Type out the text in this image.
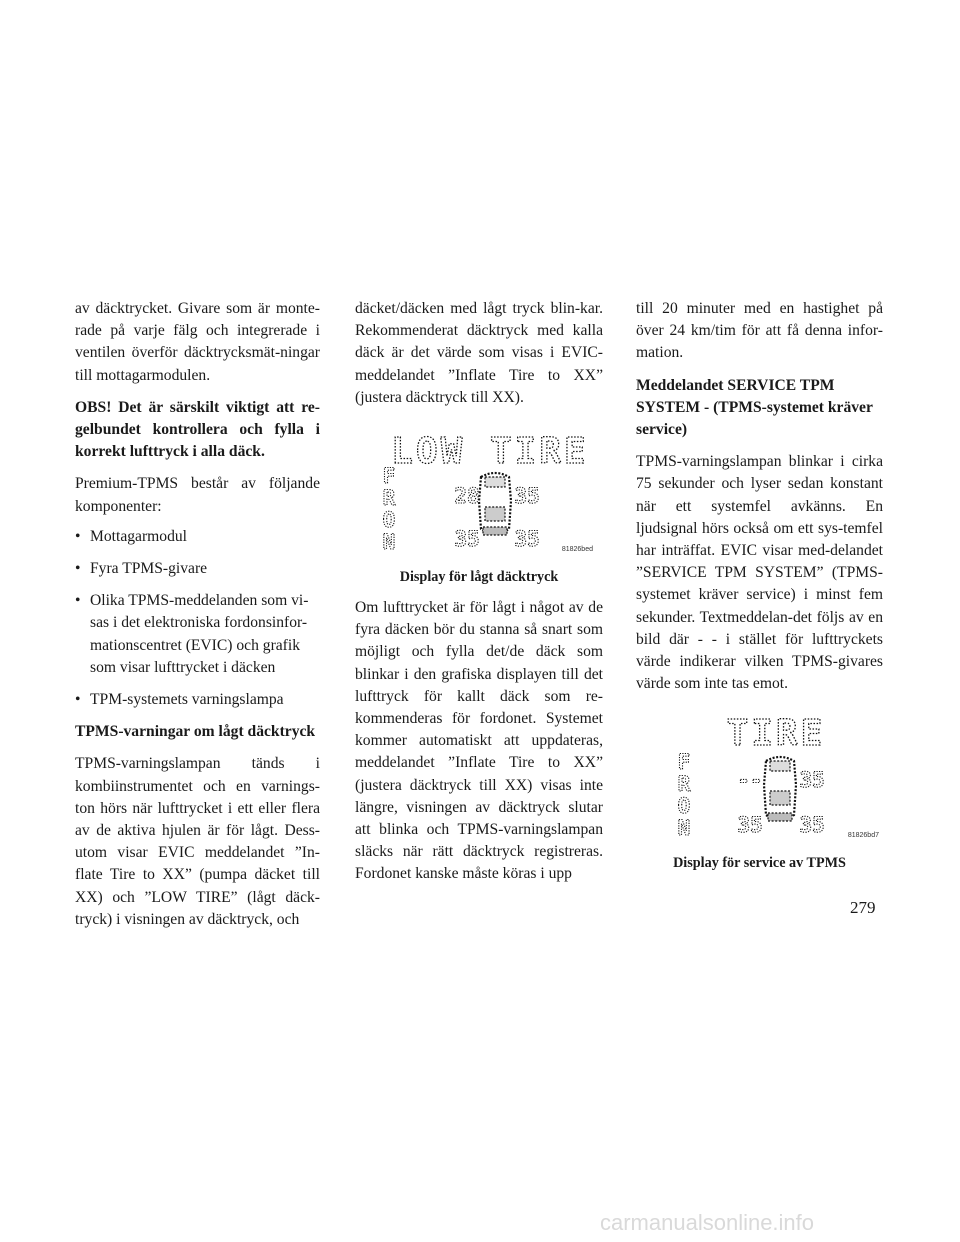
av däcktrycket. Givare som är monte-rade på varje fälg och integrerade i ventilen överför däcktrycksmät-ningar till mottagarmodulen.

OBS! Det är särskilt viktigt att re-gelbundet kontrollera och fylla i korrekt lufttryck i alla däck.

Premium-TPMS består av följande komponenter:

• Mottagarmodul
• Fyra TPMS-givare
• Olika TPMS-meddelanden som vi-sas i det elektroniska fordonsinfor-mationscentret (EVIC) och grafik som visar lufttrycket i däcken
• TPM-systemets varningslampa
TPMS-varningar om lågt däcktryck

TPMS-varningslampan tänds i kombiinstrumentet och en varnings-ton hörs när lufttrycket i ett eller flera av de aktiva hjulen är för lågt. Dess-utom visar EVIC meddelandet ”In-flate Tire to XX” (pumpa däcket till XX) och ”LOW TIRE” (lågt däck-tryck) i visningen av däcktryck, och

däcket/däcken med lågt tryck blin-kar. Rekommenderat däcktryck med kalla däck är det värde som visas i EVIC-meddelandet ”Inflate Tire to XX” (justera däcktryck till XX).

LOW TIRE
F
R
O
N
28 35
35 35	81826bed
Display för lågt däcktryck

Om lufttrycket är för lågt i något av de fyra däcken bör du stanna så snart som möjligt och fylla det/de däck som blinkar i den grafiska displayen till det lufttryck för kallt däck som re-kommenderas för fordonet. Systemet kommer automatiskt att uppdateras, meddelandet ”Inflate Tire to XX” (justera däcktryck till XX) visas inte längre, visningen av däcktryck slutar att blinka och TPMS-varningslampan släcks när rätt däcktryck registreras. Fordonet kanske måste köras i upp

till 20 minuter med en hastighet på över 24 km/tim för att få denna infor-mation.

Meddelandet SERVICE TPM SYSTEM - (TPMS-systemet kräver service)

TPMS-varningslampan blinkar i cirka 75 sekunder och lyser sedan konstant när ett systemfel avkänns. En ljudsignal hörs också om ett sys-temfel har inträffat. EVIC visar med-delandet ”SERVICE TPM SYSTEM” (TPMS-systemet kräver service) i minst fem sekunder. Textmeddelan-det följs av en bild där - - i stället för lufttryckets värde indikerar vilken TPMS-givares värde som inte tas emot.

TIRE
F
R
O
N
-- 35
35 35	81826bd7
Display för service av TPMS
279
carmanualsonline.info
